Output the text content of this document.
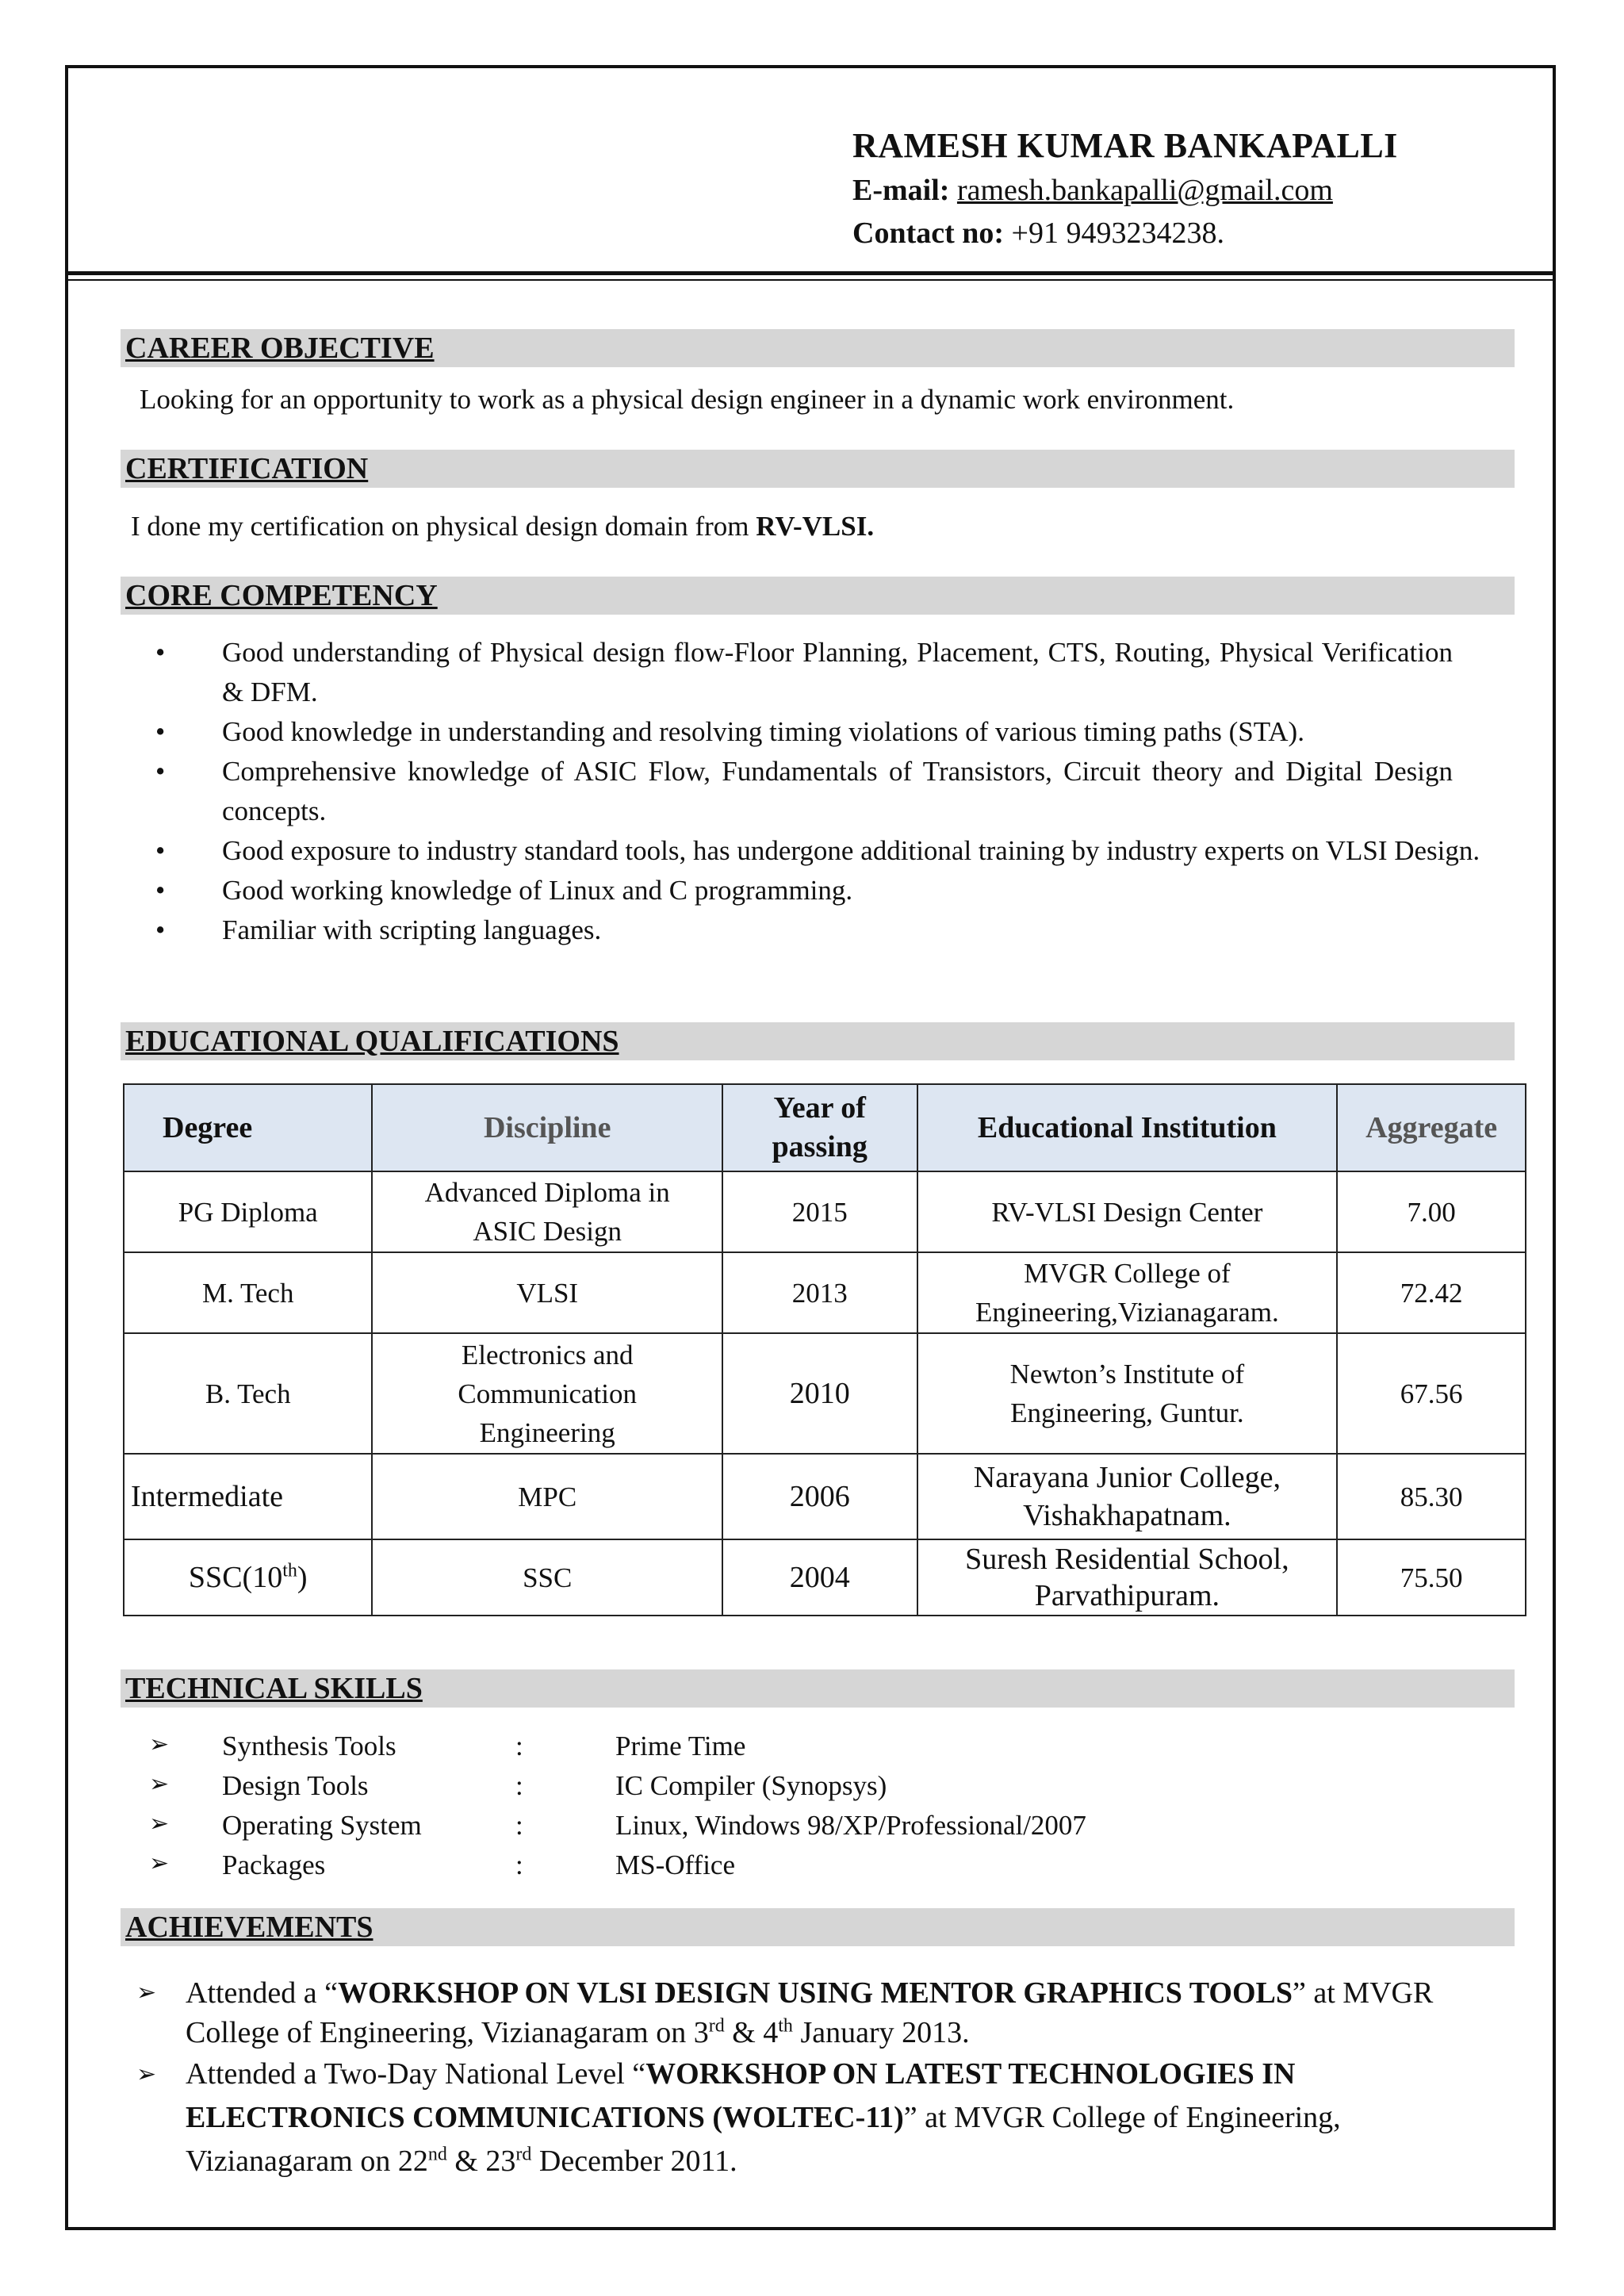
RAMESH KUMAR BANKAPALLI
E-mail: ramesh.bankapalli@gmail.com
Contact no: +91 9493234238.
CAREER OBJECTIVE
Looking for an opportunity to work as a physical design engineer in a dynamic work environment.
CERTIFICATION
I done my certification on physical design domain from RV-VLSI.
CORE COMPETENCY
• Good understanding of Physical design flow-Floor Planning, Placement, CTS, Routing, Physical Verification & DFM.
• Good knowledge in understanding and resolving timing violations of various timing paths (STA).
• Comprehensive knowledge of ASIC Flow, Fundamentals of Transistors, Circuit theory and Digital Design concepts.
• Good exposure to industry standard tools, has undergone additional training by industry experts on VLSI Design.
• Good working knowledge of Linux and C programming.
• Familiar with scripting languages.
EDUCATIONAL QUALIFICATIONS
Degree	Discipline	Year of passing	Educational Institution	Aggregate
PG Diploma	Advanced Diploma in ASIC Design	2015	RV-VLSI Design Center	7.00
M. Tech	VLSI	2013	MVGR College of Engineering,Vizianagaram.	72.42
B. Tech	Electronics and Communication Engineering	2010	Newton’s Institute of Engineering, Guntur.	67.56
Intermediate	MPC	2006	Narayana Junior College, Vishakhapatnam.	85.30
SSC(10th)	SSC	2004	Suresh Residential School, Parvathipuram.	75.50
TECHNICAL SKILLS
➢ Synthesis Tools	:	Prime Time
➢ Design Tools	:	IC Compiler (Synopsys)
➢ Operating System	:	Linux, Windows 98/XP/Professional/2007
➢ Packages	:	MS-Office
ACHIEVEMENTS
➢ Attended a “WORKSHOP ON VLSI DESIGN USING MENTOR GRAPHICS TOOLS” at MVGR College of Engineering, Vizianagaram on 3rd & 4th January 2013.
➢ Attended a Two-Day National Level “WORKSHOP ON LATEST TECHNOLOGIES IN ELECTRONICS COMMUNICATIONS (WOLTEC-11)” at MVGR College of Engineering, Vizianagaram on 22nd & 23rd December 2011.
